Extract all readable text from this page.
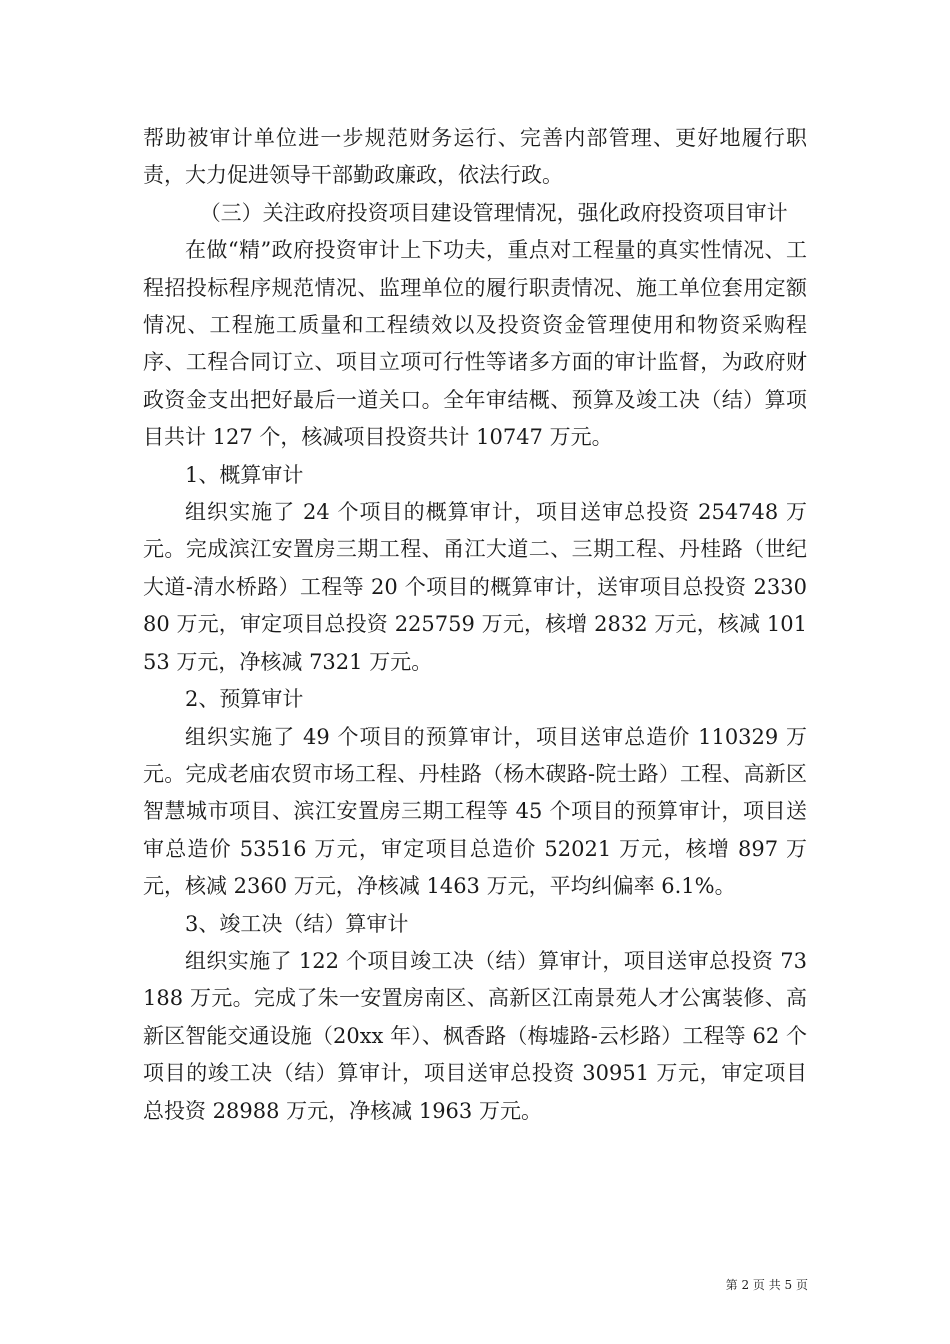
帮助被审计单位进一步规范财务运行、完善内部管理、更好地履行职责，大力促进领导干部勤政廉政，依法行政。

（三）关注政府投资项目建设管理情况，强化政府投资项目审计

在做“精”政府投资审计上下功夫，重点对工程量的真实性情况、工程招投标程序规范情况、监理单位的履行职责情况、施工单位套用定额情况、工程施工质量和工程绩效以及投资资金管理使用和物资采购程序、工程合同订立、项目立项可行性等诸多方面的审计监督，为政府财政资金支出把好最后一道关口。全年审结概、预算及竣工决（结）算项目共计 127 个，核减项目投资共计 10747 万元。

1、概算审计

组织实施了 24 个项目的概算审计，项目送审总投资 254748 万元。完成滨江安置房三期工程、甬江大道二、三期工程、丹桂路（世纪大道-清水桥路）工程等 20 个项目的概算审计，送审项目总投资 233080 万元，审定项目总投资 225759 万元，核增 2832 万元，核减 10153 万元，净核减 7321 万元。

2、预算审计

组织实施了 49 个项目的预算审计，项目送审总造价 110329 万元。完成老庙农贸市场工程、丹桂路（杨木碶路-院士路）工程、高新区智慧城市项目、滨江安置房三期工程等 45 个项目的预算审计，项目送审总造价 53516 万元，审定项目总造价 52021 万元，核增 897 万元，核减 2360 万元，净核减 1463 万元，平均纠偏率 6.1%。

3、竣工决（结）算审计

组织实施了 122 个项目竣工决（结）算审计，项目送审总投资 73188 万元。完成了朱一安置房南区、高新区江南景苑人才公寓装修、高新区智能交通设施（20xx 年）、枫香路（梅墟路-云杉路）工程等 62 个项目的竣工决（结）算审计，项目送审总投资 30951 万元，审定项目总投资 28988 万元，净核减 1963 万元。

第 2 页 共 5 页
